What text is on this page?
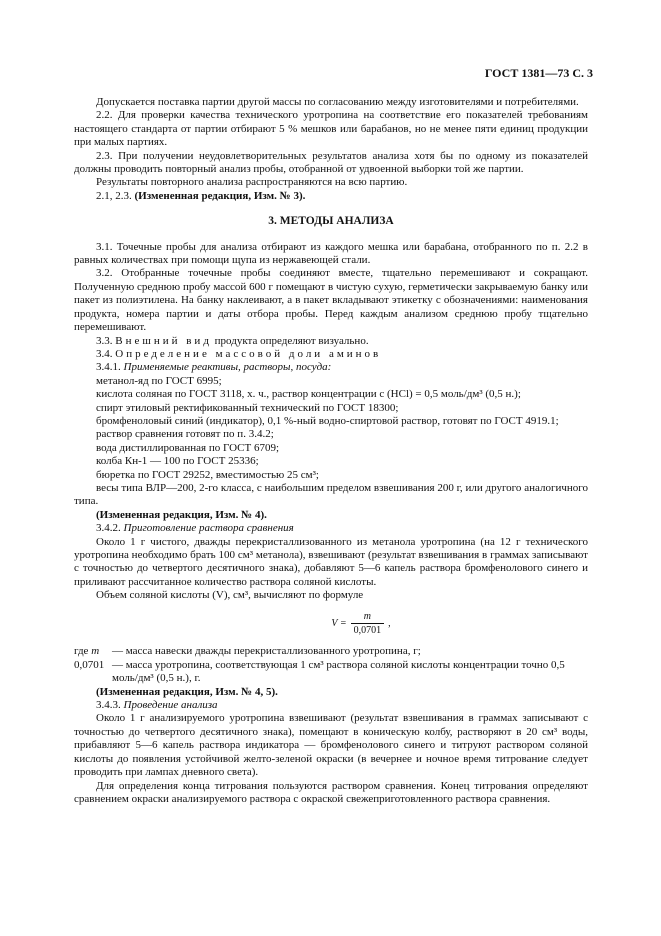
ГОСТ 1381—73 С. 3

Допускается поставка партии другой массы по согласованию между изготовителями и потребителями.

2.2. Для проверки качества технического уротропина на соответствие его показателей требованиям настоящего стандарта от партии отбирают 5 % мешков или барабанов, но не менее пяти единиц продукции при малых партиях.

2.3. При получении неудовлетворительных результатов анализа хотя бы по одному из показателей должны проводить повторный анализ пробы, отобранной от удвоенной выборки той же партии.

Результаты повторного анализа распространяются на всю партию.

2.1, 2.3. (Измененная редакция, Изм. № 3).

3. МЕТОДЫ АНАЛИЗА

3.1. Точечные пробы для анализа отбирают из каждого мешка или барабана, отобранного по п. 2.2 в равных количествах при помощи щупа из нержавеющей стали.

3.2. Отобранные точечные пробы соединяют вместе, тщательно перемешивают и сокращают. Полученную среднюю пробу массой 600 г помещают в чистую сухую, герметически закрываемую банку или пакет из полиэтилена. На банку наклеивают, а в пакет вкладывают этикетку с обозначениями: наименования продукта, номера партии и даты отбора пробы. Перед каждым анализом среднюю пробу тщательно перемешивают.

3.3. Внешний вид продукта определяют визуально.

3.4. Определение массовой доли аминов

3.4.1. Применяемые реактивы, растворы, посуда:

метанол-яд по ГОСТ 6995;

кислота соляная по ГОСТ 3118, х. ч., раствор концентрации с (HCl) = 0,5 моль/дм³ (0,5 н.);

спирт этиловый ректификованный технический по ГОСТ 18300;

бромфеноловый синий (индикатор), 0,1 %-ный водно-спиртовой раствор, готовят по ГОСТ 4919.1;

раствор сравнения готовят по п. 3.4.2;

вода дистиллированная по ГОСТ 6709;

колба Кн-1 — 100 по ГОСТ 25336;

бюретка по ГОСТ 29252, вместимостью 25 см³;

весы типа ВЛР—200, 2-го класса, с наибольшим пределом взвешивания 200 г, или другого аналогичного типа.

(Измененная редакция, Изм. № 4).

3.4.2. Приготовление раствора сравнения

Около 1 г чистого, дважды перекристаллизованного из метанола уротропина (на 12 г технического уротропина необходимо брать 100 см³ метанола), взвешивают (результат взвешивания в граммах записывают с точностью до четвертого десятичного знака), добавляют 5—6 капель раствора бромфенолового синего и приливают рассчитанное количество раствора соляной кислоты.

Объем соляной кислоты (V), см³, вычисляют по формуле

$V = \frac{m}{0,0701}$ ,
где m	— масса навески дважды перекристаллизованного уротропина, г;
0,0701 — масса уротропина, соответствующая 1 см³ раствора соляной кислоты концентрации точно 0,5 моль/дм³ (0,5 н.), г.

(Измененная редакция, Изм. № 4, 5).

3.4.3. Проведение анализа

Около 1 г анализируемого уротропина взвешивают (результат взвешивания в граммах записывают с точностью до четвертого десятичного знака), помещают в коническую колбу, растворяют в 20 см³ воды, прибавляют 5—6 капель раствора индикатора — бромфенолового синего и титруют раствором соляной кислоты до появления устойчивой желто-зеленой окраски (в вечернее и ночное время титрование следует проводить при лампах дневного света).

Для определения конца титрования пользуются раствором сравнения. Конец титрования определяют сравнением окраски анализируемого раствора с окраской свежеприготовленного раствора сравнения.
